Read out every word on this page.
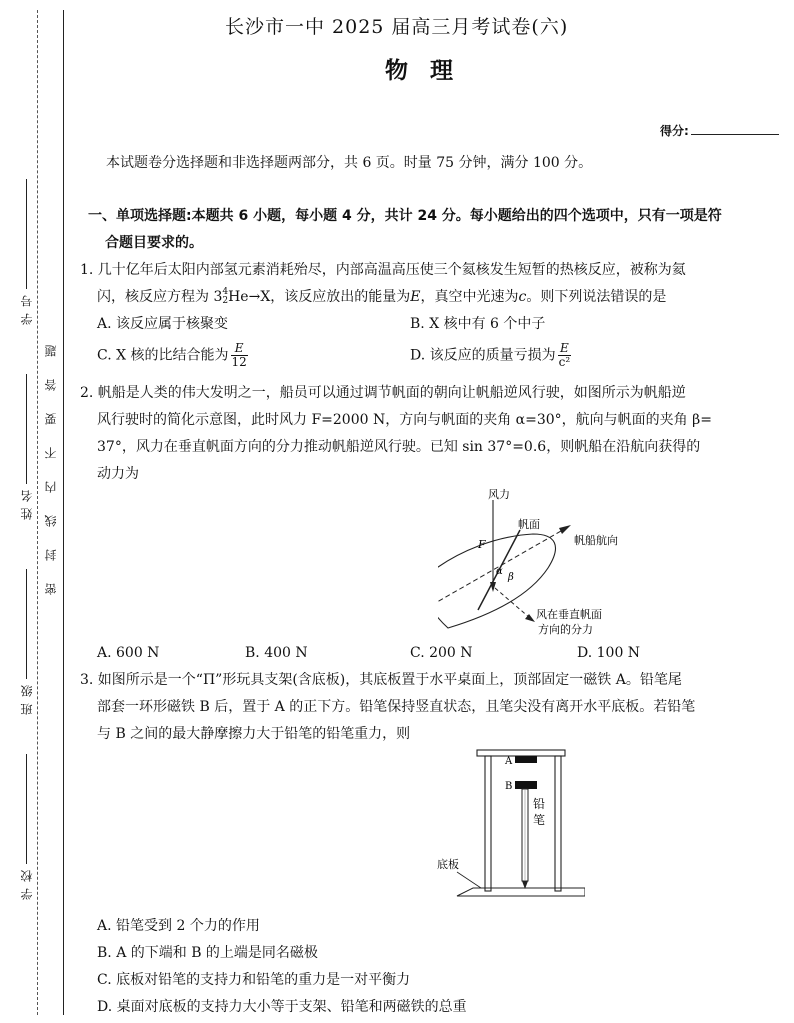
学号
姓名
班级
学校
题
答
要
不
内
线
封
密
长沙市一中 2025 届高三月考试卷(六)
物理
得分:
本试题卷分选择题和非选择题两部分，共 6 页。时量 75 分钟，满分 100 分。
一、单项选择题:本题共 6 小题，每小题 4 分，共计 24 分。每小题给出的四个选项中，只有一项是符
合题目要求的。

1. 几十亿年后太阳内部氢元素消耗殆尽，内部高温高压使三个氦核发生短暂的热核反应，被称为氦

闪，核反应方程为 3 4
2 He→X，该反应放出的能量为E，真空中光速为c。则下列说法错误的是

A. 该反应属于核聚变	B. X 核中有 6 个中子
C. X 核的比结合能为 $\frac{E}{12}$	D. 该反应的质量亏损为 $\frac{E}{\text{c²}}$

2. 帆船是人类的伟大发明之一，船员可以通过调节帆面的朝向让帆船逆风行驶，如图所示为帆船逆

风行驶时的简化示意图，此时风力 F=2000 N，方向与帆面的夹角 α=30°，航向与帆面的夹角 β=

37°，风力在垂直帆面方向的分力推动帆船逆风行驶。已知 sin 37°=0.6，则帆船在沿航向获得的

动力为

风力
帆面
帆船航向
F
α
β
风在垂直帆面
方向的分力
A. 600 N	B. 400 N	C. 200 N	D. 100 N

3. 如图所示是一个“Π”形玩具支架(含底板)，其底板置于水平桌面上，顶部固定一磁铁 A。铅笔尾

部套一环形磁铁 B 后，置于 A 的正下方。铅笔保持竖直状态，且笔尖没有离开水平底板。若铅笔

与 B 之间的最大静摩擦力大于铅笔的铅笔重力，则

A
B
铅
笔
底板

A. 铅笔受到 2 个力的作用

B. A 的下端和 B 的上端是同名磁极

C. 底板对铅笔的支持力和铅笔的重力是一对平衡力

D. 桌面对底板的支持力大小等于支架、铅笔和两磁铁的总重
